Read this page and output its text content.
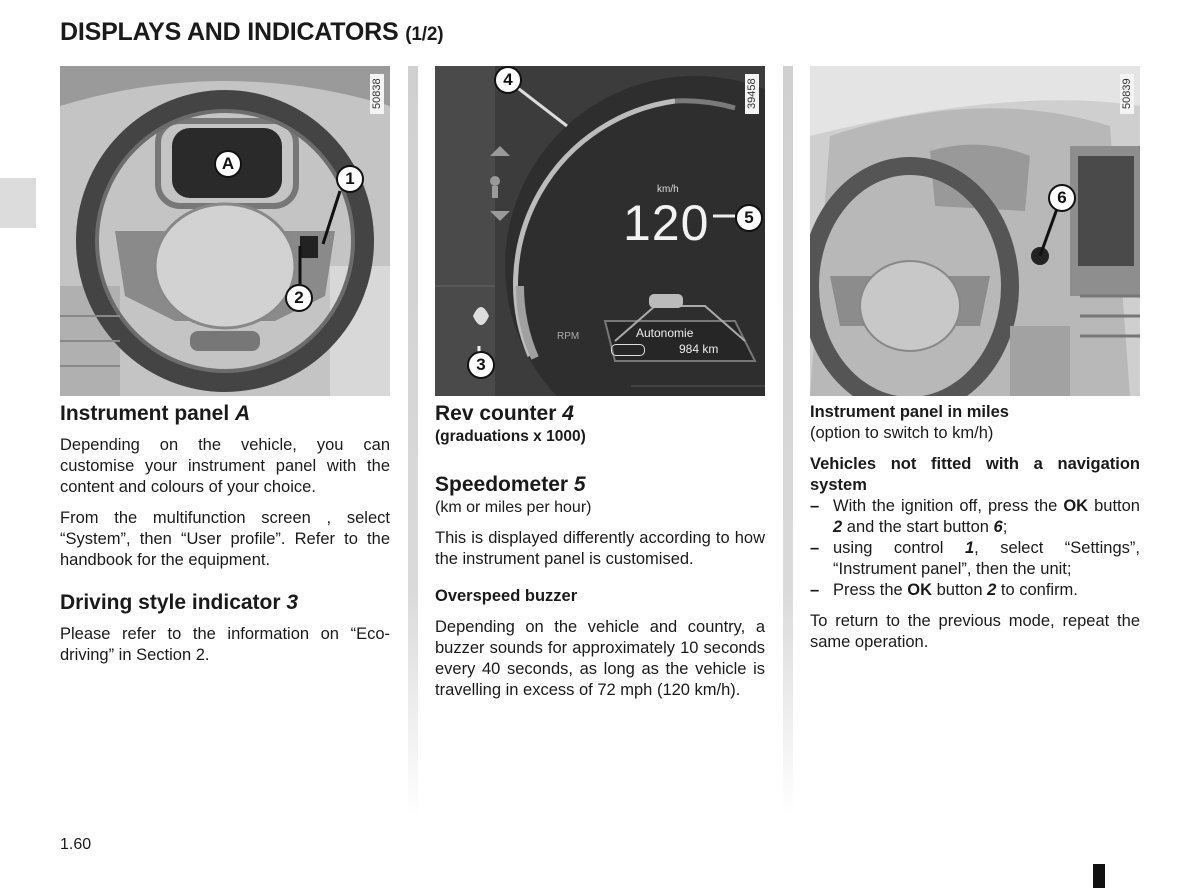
DISPLAYS AND INDICATORS (1/2)
50838
A
1
2
km/h
120
RPM	Autonomie
984 km
39458
4
5
3
50839
6
Instrument panel A

Depending on the vehicle, you can customise your instrument panel with the content and colours of your choice.

From the multifunction screen , select “System”, then “User profile”. Refer to the handbook for the equipment.

Driving style indicator 3

Please refer to the information on “Eco-driving” in Section 2.

Rev counter 4

(graduations x 1000)

Speedometer 5

(km or miles per hour)

This is displayed differently according to how the instrument panel is customised.

Overspeed buzzer

Depending on the vehicle and country, a buzzer sounds for approximately 10 seconds every 40 seconds, as long as the vehicle is travelling in excess of 72 mph (120 km/h).

Instrument panel in miles

(option to switch to km/h)

Vehicles not fitted with a navigation system

– With the ignition off, press the OK button 2 and the start button 6;
– using control 1, select “Settings”, “Instrument panel”, then the unit;
– Press the OK button 2 to confirm.

To return to the previous mode, repeat the same operation.

1.60
